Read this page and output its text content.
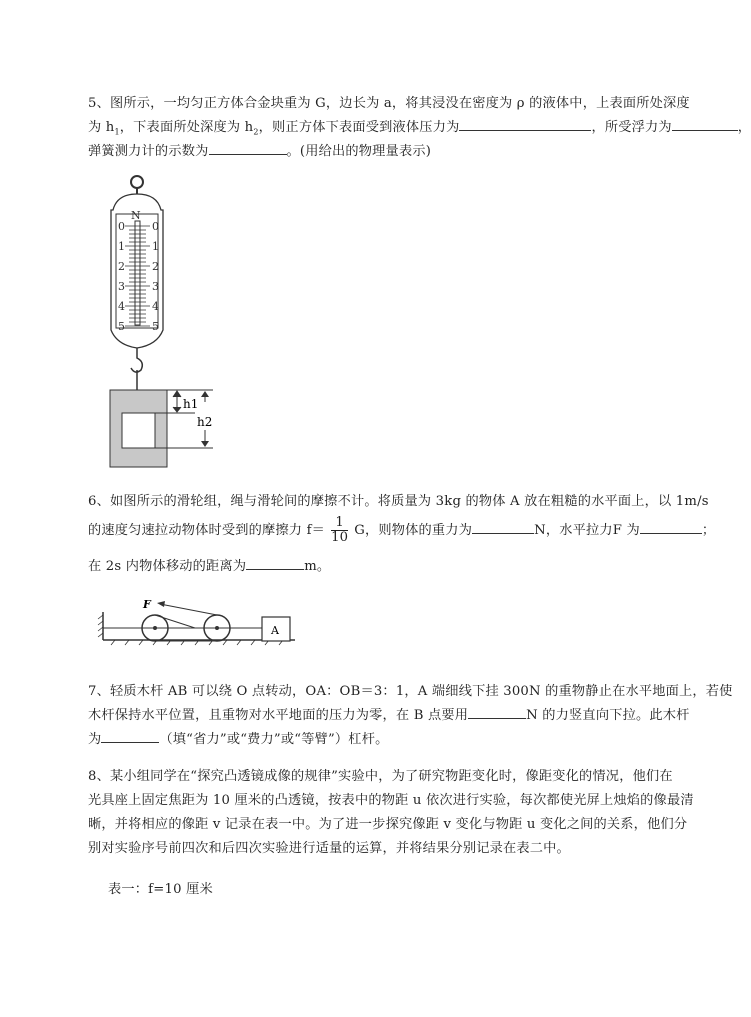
5、图所示，一均匀正方体合金块重为 G，边长为 a，将其浸没在密度为 ρ 的液体中，上表面所处深度
为 $h_1$，下表面所处深度为 $h_2$，则正方体下表面受到液体压力为	，所受浮力为	，
弹簧测力计的示数为	。(用给出的物理量表示)
N
0 0
1 1
2 2
3 3
4 4
5 5
h1
h2
6、如图所示的滑轮组，绳与滑轮间的摩擦不计。将质量为 3kg 的物体 A 放在粗糙的水平面上，以 1m/s
的速度匀速拉动物体时受到的摩擦力 $f= \frac{1}{10}$ G，则物体的重力为	N，水平拉力F 为	；
在 2s 内物体移动的距离为	m。
A
F
7、轻质木杆 AB 可以绕 O 点转动，OA：OB＝3：1，A 端细线下挂 300N 的重物静止在水平地面上，若使
木杆保持水平位置，且重物对水平地面的压力为零，在 B 点要用	N 的力竖直向下拉。此木杆
为	（填“省力”或“费力”或“等臂”）杠杆。
8、某小组同学在“探究凸透镜成像的规律”实验中，为了研究物距变化时，像距变化的情况，他们在
光具座上固定焦距为 10 厘米的凸透镜，按表中的物距 u 依次进行实验，每次都使光屏上烛焰的像最清
晰，并将相应的像距 v 记录在表一中。为了进一步探究像距 v 变化与物距 u 变化之间的关系，他们分
别对实验序号前四次和后四次实验进行适量的运算，并将结果分别记录在表二中。
表一：f=10 厘米
